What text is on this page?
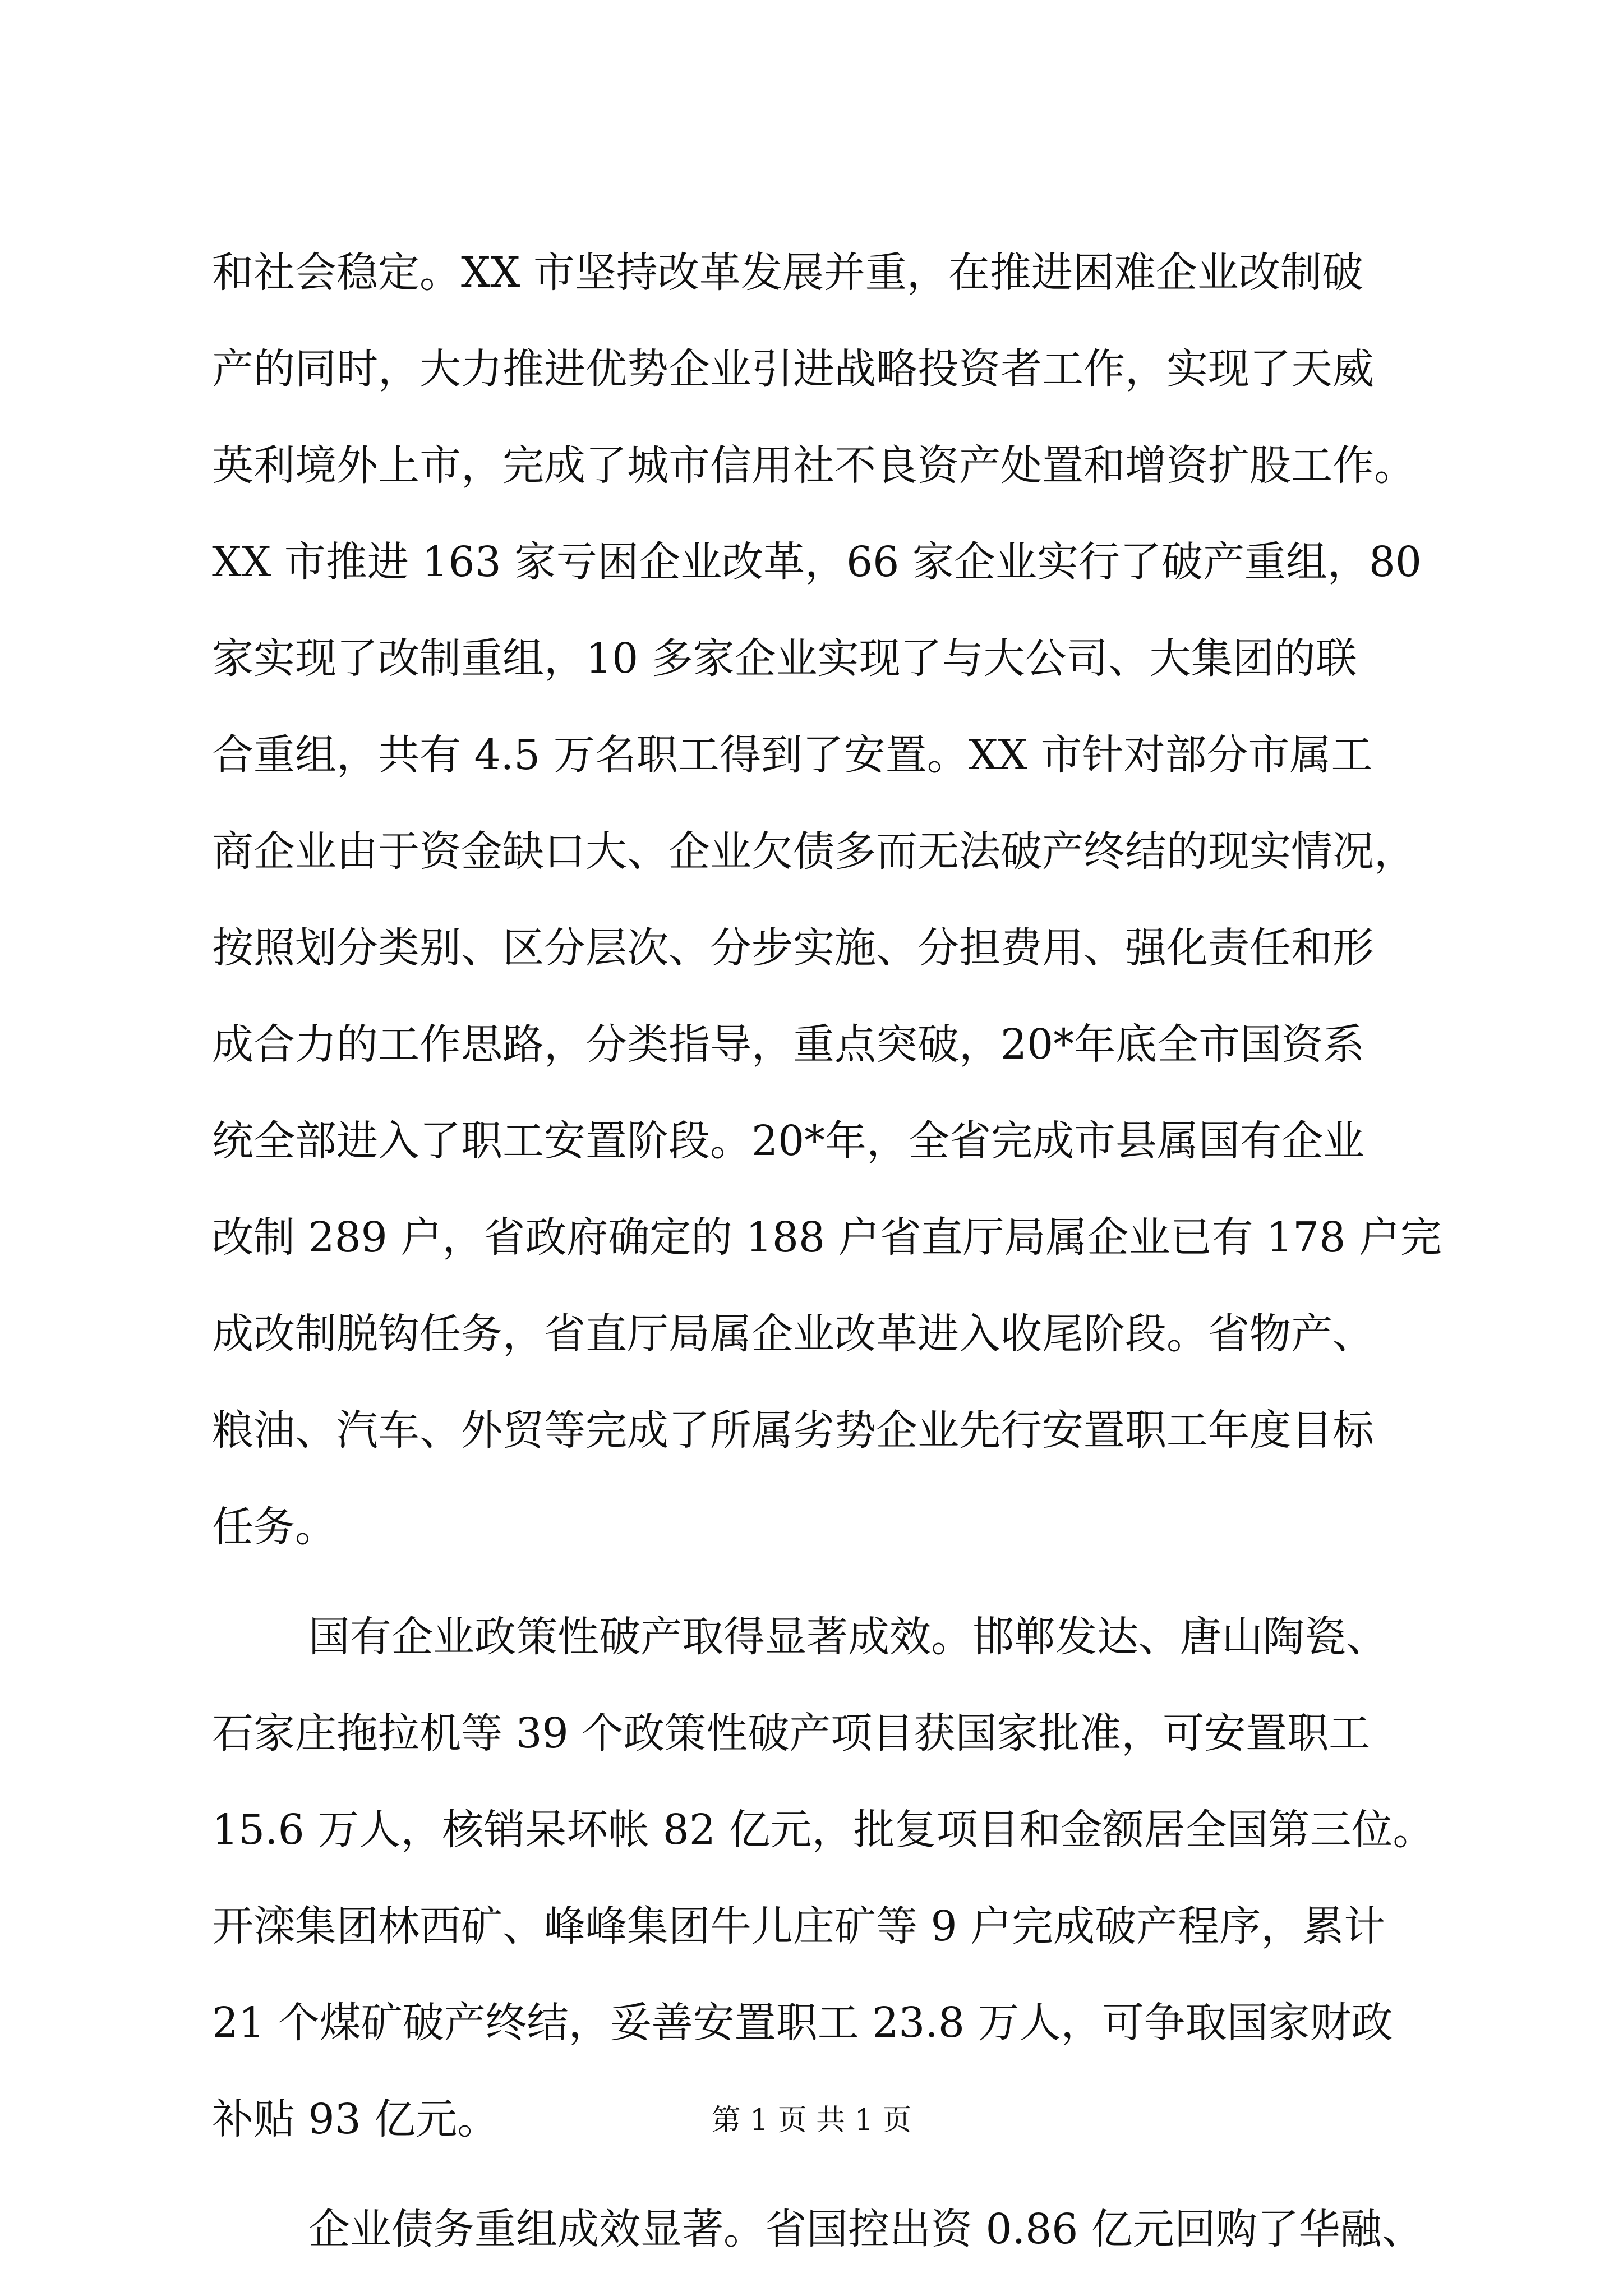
和社会稳定。XX 市坚持改革发展并重，在推进困难企业改制破
产的同时，大力推进优势企业引进战略投资者工作，实现了天威
英利境外上市，完成了城市信用社不良资产处置和增资扩股工作。
XX 市推进 163 家亏困企业改革，66 家企业实行了破产重组，80
家实现了改制重组，10 多家企业实现了与大公司、大集团的联
合重组，共有 4.5 万名职工得到了安置。XX 市针对部分市属工
商企业由于资金缺口大、企业欠债多而无法破产终结的现实情况，
按照划分类别、区分层次、分步实施、分担费用、强化责任和形
成合力的工作思路，分类指导，重点突破，20*年底全市国资系
统全部进入了职工安置阶段。20*年，全省完成市县属国有企业
改制 289 户，省政府确定的 188 户省直厅局属企业已有 178 户完
成改制脱钩任务，省直厅局属企业改革进入收尾阶段。省物产、
粮油、汽车、外贸等完成了所属劣势企业先行安置职工年度目标
任务。
国有企业政策性破产取得显著成效。邯郸发达、唐山陶瓷、
石家庄拖拉机等 39 个政策性破产项目获国家批准，可安置职工
15.6 万人，核销呆坏帐 82 亿元，批复项目和金额居全国第三位。
开滦集团林西矿、峰峰集团牛儿庄矿等 9 户完成破产程序，累计
21 个煤矿破产终结，妥善安置职工 23.8 万人，可争取国家财政
补贴 93 亿元。
企业债务重组成效显著。省国控出资 0.86 亿元回购了华融、
第 1 页 共 1 页
